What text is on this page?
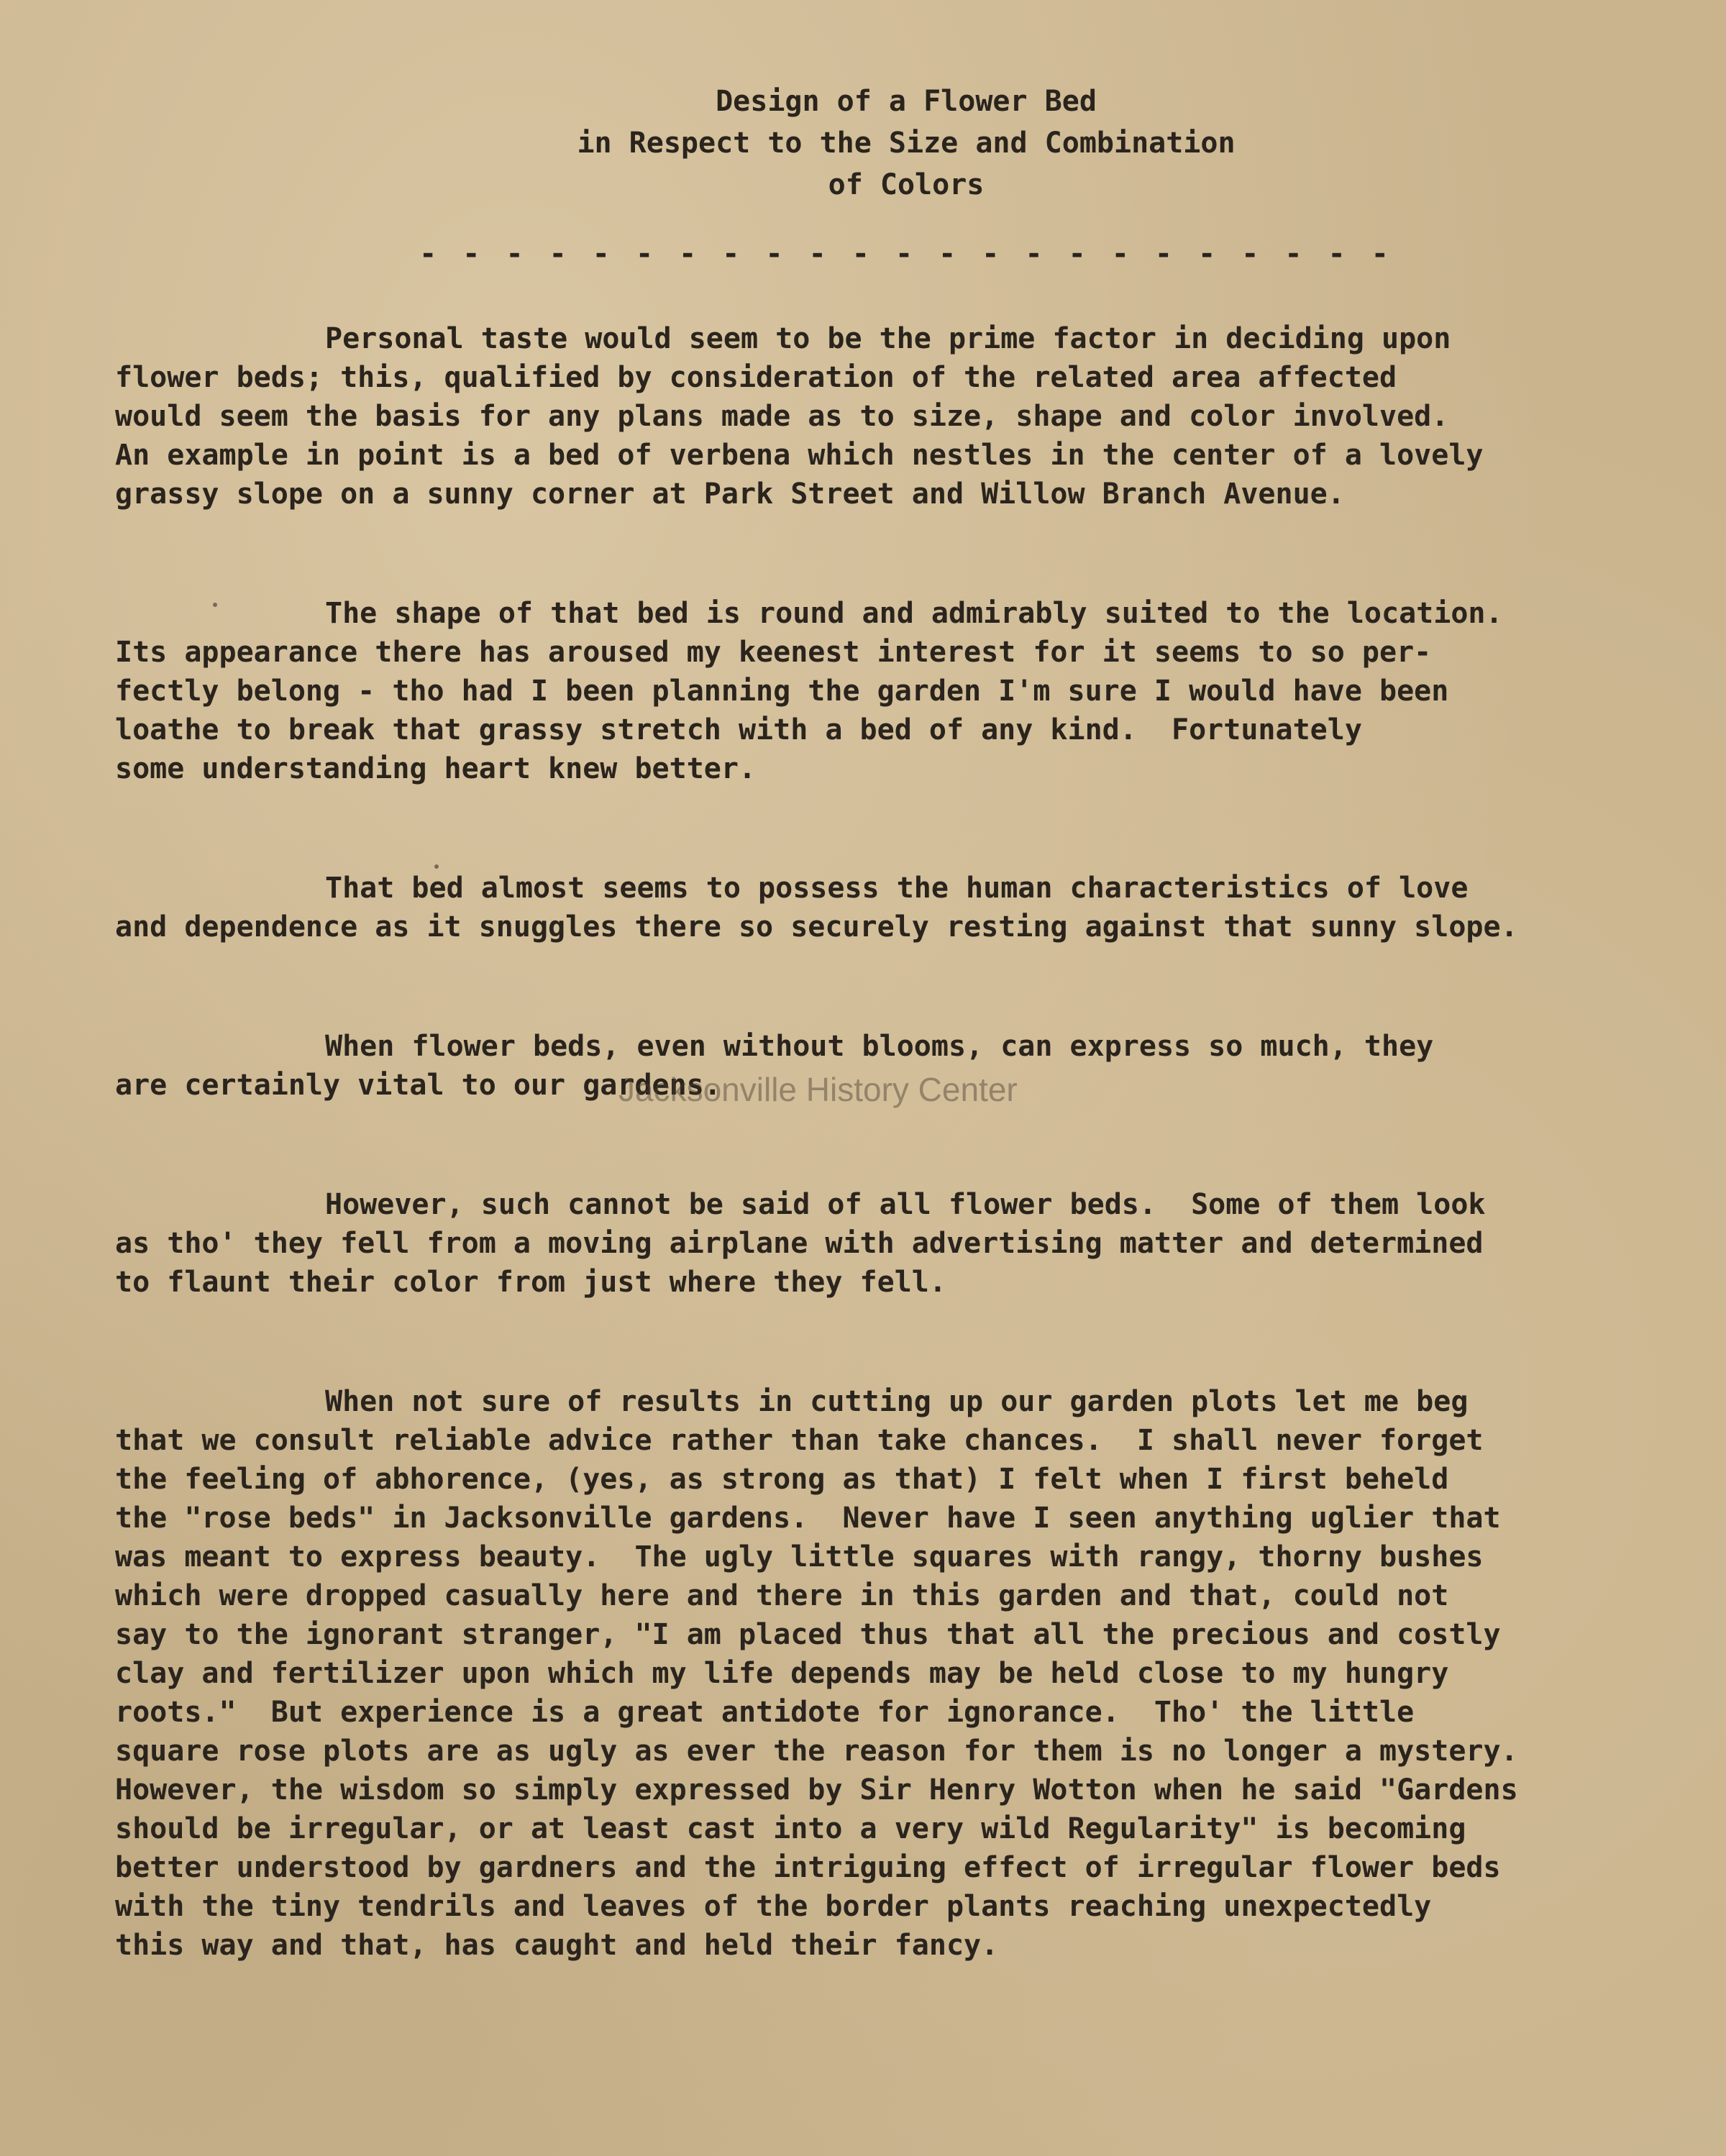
Design of a Flower Bed
in Respect to the Size and Combination
of Colors
- - - - - - - - - - - - - - - - - - - - - - -
Personal taste would seem to be the prime factor in deciding upon
flower beds; this, qualified by consideration of the related area affected
would seem the basis for any plans made as to size, shape and color involved.
An example in point is a bed of verbena which nestles in the center of a lovely
grassy slope on a sunny corner at Park Street and Willow Branch Avenue.
The shape of that bed is round and admirably suited to the location.
Its appearance there has aroused my keenest interest for it seems to so per-
fectly belong - tho had I been planning the garden I'm sure I would have been
loathe to break that grassy stretch with a bed of any kind.  Fortunately
some understanding heart knew better.
That bed almost seems to possess the human characteristics of love
and dependence as it snuggles there so securely resting against that sunny slope.
When flower beds, even without blooms, can express so much, they
are certainly vital to our gardens.
However, such cannot be said of all flower beds.  Some of them look
as tho' they fell from a moving airplane with advertising matter and determined
to flaunt their color from just where they fell.
When not sure of results in cutting up our garden plots let me beg
that we consult reliable advice rather than take chances.  I shall never forget
the feeling of abhorence, (yes, as strong as that) I felt when I first beheld
the "rose beds" in Jacksonville gardens.  Never have I seen anything uglier that
was meant to express beauty.  The ugly little squares with rangy, thorny bushes
which were dropped casually here and there in this garden and that, could not
say to the ignorant stranger, "I am placed thus that all the precious and costly
clay and fertilizer upon which my life depends may be held close to my hungry
roots."  But experience is a great antidote for ignorance.  Tho' the little
square rose plots are as ugly as ever the reason for them is no longer a mystery.
However, the wisdom so simply expressed by Sir Henry Wotton when he said "Gardens
should be irregular, or at least cast into a very wild Regularity" is becoming
better understood by gardners and the intriguing effect of irregular flower beds
with the tiny tendrils and leaves of the border plants reaching unexpectedly
this way and that, has caught and held their fancy.
Jacksonville History Center
